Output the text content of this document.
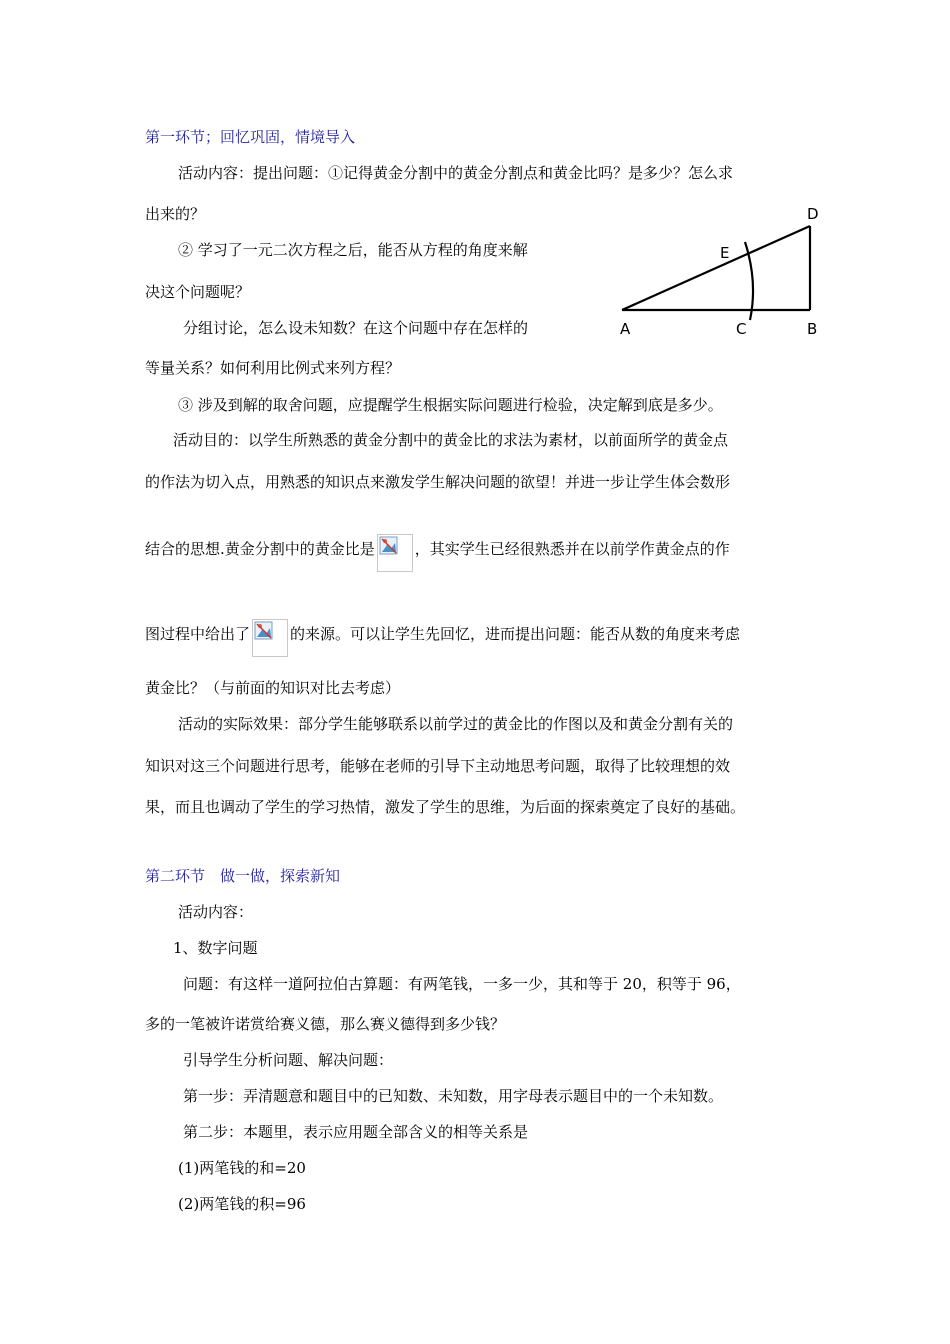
第一环节；回忆巩固，情境导入
活动内容：提出问题：①记得黄金分割中的黄金分割点和黄金比吗？是多少？怎么求
出来的？
② 学习了一元二次方程之后，能否从方程的角度来解
决这个问题呢？
分组讨论，怎么设未知数？在这个问题中存在怎样的
等量关系？如何利用比例式来列方程？
③ 涉及到解的取舍问题，应提醒学生根据实际问题进行检验，决定解到底是多少。
A	C	B
D
E
活动目的：以学生所熟悉的黄金分割中的黄金比的求法为素材，以前面所学的黄金点
的作法为切入点，用熟悉的知识点来激发学生解决问题的欲望！并进一步让学生体会数形
结合的思想.黄金分割中的黄金比是	，其实学生已经很熟悉并在以前学作黄金点的作
图过程中给出了	的来源。可以让学生先回忆，进而提出问题：能否从数的角度来考虑
黄金比？（与前面的知识对比去考虑）
活动的实际效果：部分学生能够联系以前学过的黄金比的作图以及和黄金分割有关的
知识对这三个问题进行思考，能够在老师的引导下主动地思考问题，取得了比较理想的效
果，而且也调动了学生的学习热情，激发了学生的思维，为后面的探索奠定了良好的基础。
第二环节　做一做，探索新知
活动内容：
1、数字问题
问题：有这样一道阿拉伯古算题：有两笔钱，一多一少，其和等于 20，积等于 96，
多的一笔被许诺赏给赛义德，那么赛义德得到多少钱？
引导学生分析问题、解决问题：
第一步：弄清题意和题目中的已知数、未知数，用字母表示题目中的一个未知数。
第二步：本题里，表示应用题全部含义的相等关系是
(1)两笔钱的和=20
(2)两笔钱的积=96
